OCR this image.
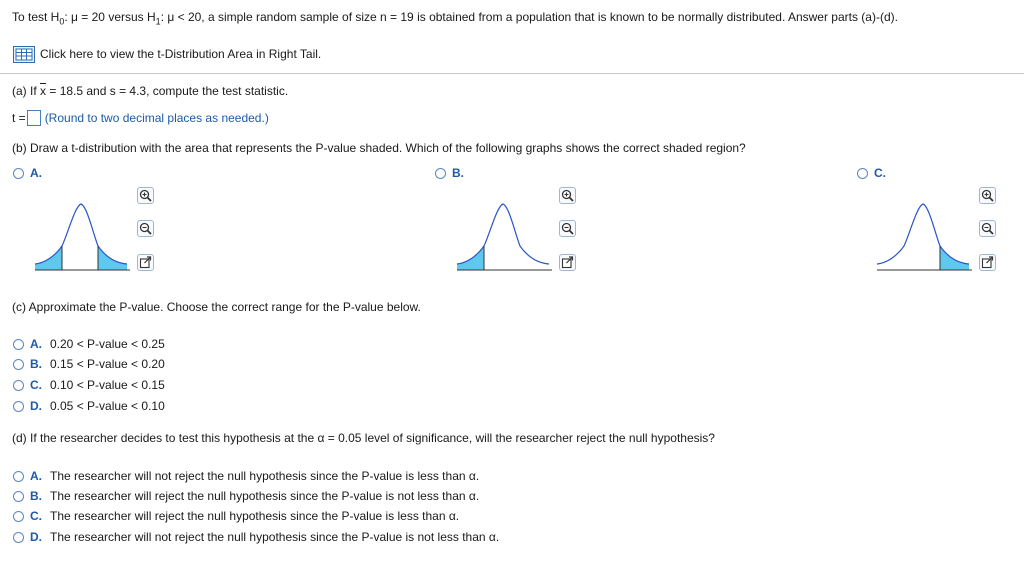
To test $H_0$: μ = 20 versus $H_1$: μ < 20, a simple random sample of size n = 19 is obtained from a population that is known to be normally distributed. Answer parts (a)-(d).
Click here to view the t-Distribution Area in Right Tail.
(a) If $\overline{x} = 18.5$ and s = 4.3, compute the test statistic.
t = (Round to two decimal places as needed.)
(b) Draw a t-distribution with the area that represents the P-value shaded. Which of the following graphs shows the correct shaded region?
A.	B.	C.
(c) Approximate the P-value. Choose the correct range for the P-value below.
A. 0.20 < P-value < 0.25
B. 0.15 < P-value < 0.20
C. 0.10 < P-value < 0.15
D. 0.05 < P-value < 0.10
(d) If the researcher decides to test this hypothesis at the α = 0.05 level of significance, will the researcher reject the null hypothesis?
A. The researcher will not reject the null hypothesis since the P-value is less than α.
B. The researcher will reject the null hypothesis since the P-value is not less than α.
C. The researcher will reject the null hypothesis since the P-value is less than α.
D. The researcher will not reject the null hypothesis since the P-value is not less than α.
